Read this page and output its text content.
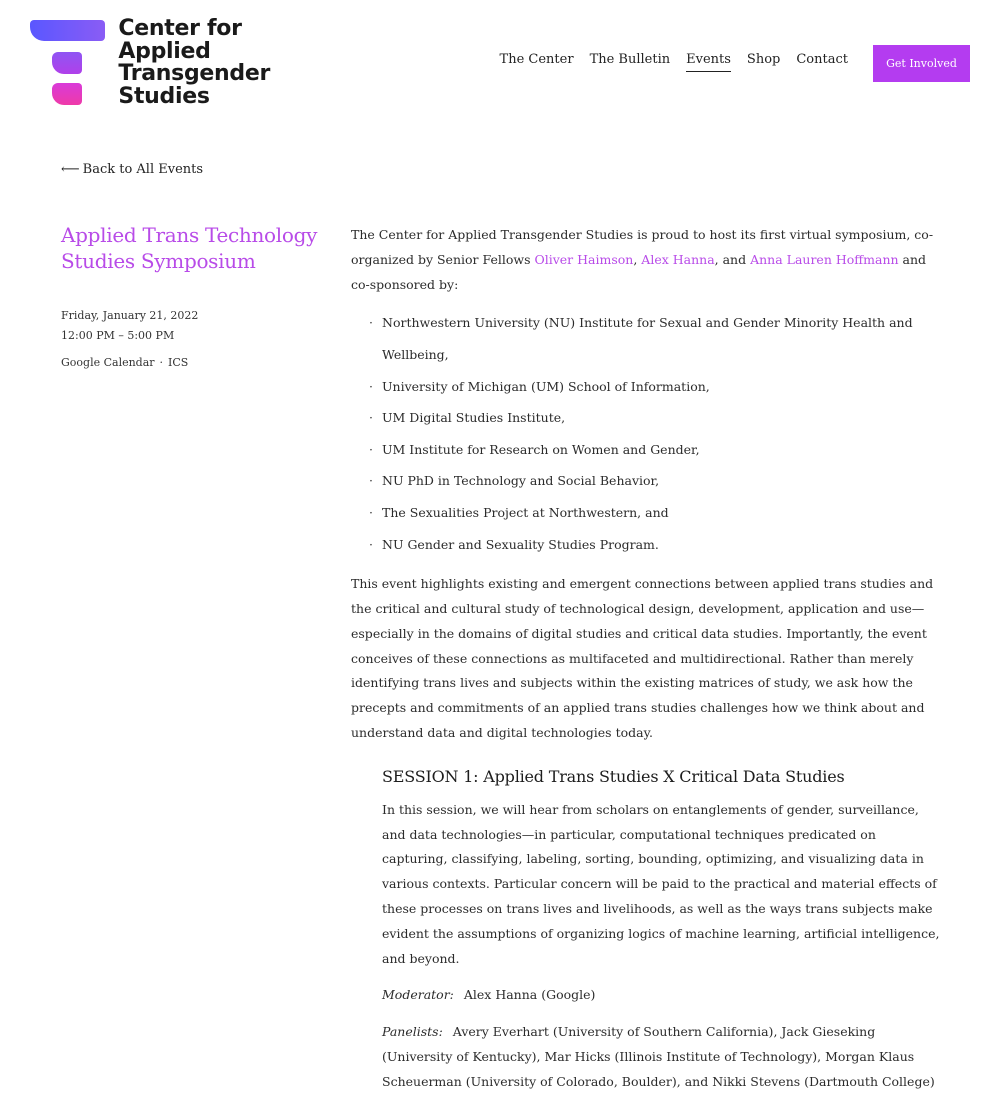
Center for
Applied
Transgender
Studies
The Center The Bulletin Events Shop Contact	Get Involved
⟵ Back to All Events
Applied Trans Technology Studies Symposium
Friday, January 21, 2022
12:00 PM – 5:00 PM
Google Calendar · ICS

The Center for Applied Transgender Studies is proud to host its first virtual symposium, co-organized by Senior Fellows Oliver Haimson, Alex Hanna, and Anna Lauren Hoffmann and co-sponsored by:

· Northwestern University (NU) Institute for Sexual and Gender Minority Health and Wellbeing,
· University of Michigan (UM) School of Information,
· UM Digital Studies Institute,
· UM Institute for Research on Women and Gender,
· NU PhD in Technology and Social Behavior,
· The Sexualities Project at Northwestern, and
· NU Gender and Sexuality Studies Program.

This event highlights existing and emergent connections between applied trans studies and the critical and cultural study of technological design, development, application and use—especially in the domains of digital studies and critical data studies. Importantly, the event conceives of these connections as multifaceted and multidirectional. Rather than merely identifying trans lives and subjects within the existing matrices of study, we ask how the precepts and commitments of an applied trans studies challenges how we think about and understand data and digital technologies today.

SESSION 1: Applied Trans Studies X Critical Data Studies

In this session, we will hear from scholars on entanglements of gender, surveillance, and data technologies—in particular, computational techniques predicated on capturing, classifying, labeling, sorting, bounding, optimizing, and visualizing data in various contexts. Particular concern will be paid to the practical and material effects of these processes on trans lives and livelihoods, as well as the ways trans subjects make evident the assumptions of organizing logics of machine learning, artificial intelligence, and beyond.

Moderator: Alex Hanna (Google)

Panelists: Avery Everhart (University of Southern California), Jack Gieseking (University of Kentucky), Mar Hicks (Illinois Institute of Technology), Morgan Klaus Scheuerman (University of Colorado, Boulder), and Nikki Stevens (Dartmouth College)
